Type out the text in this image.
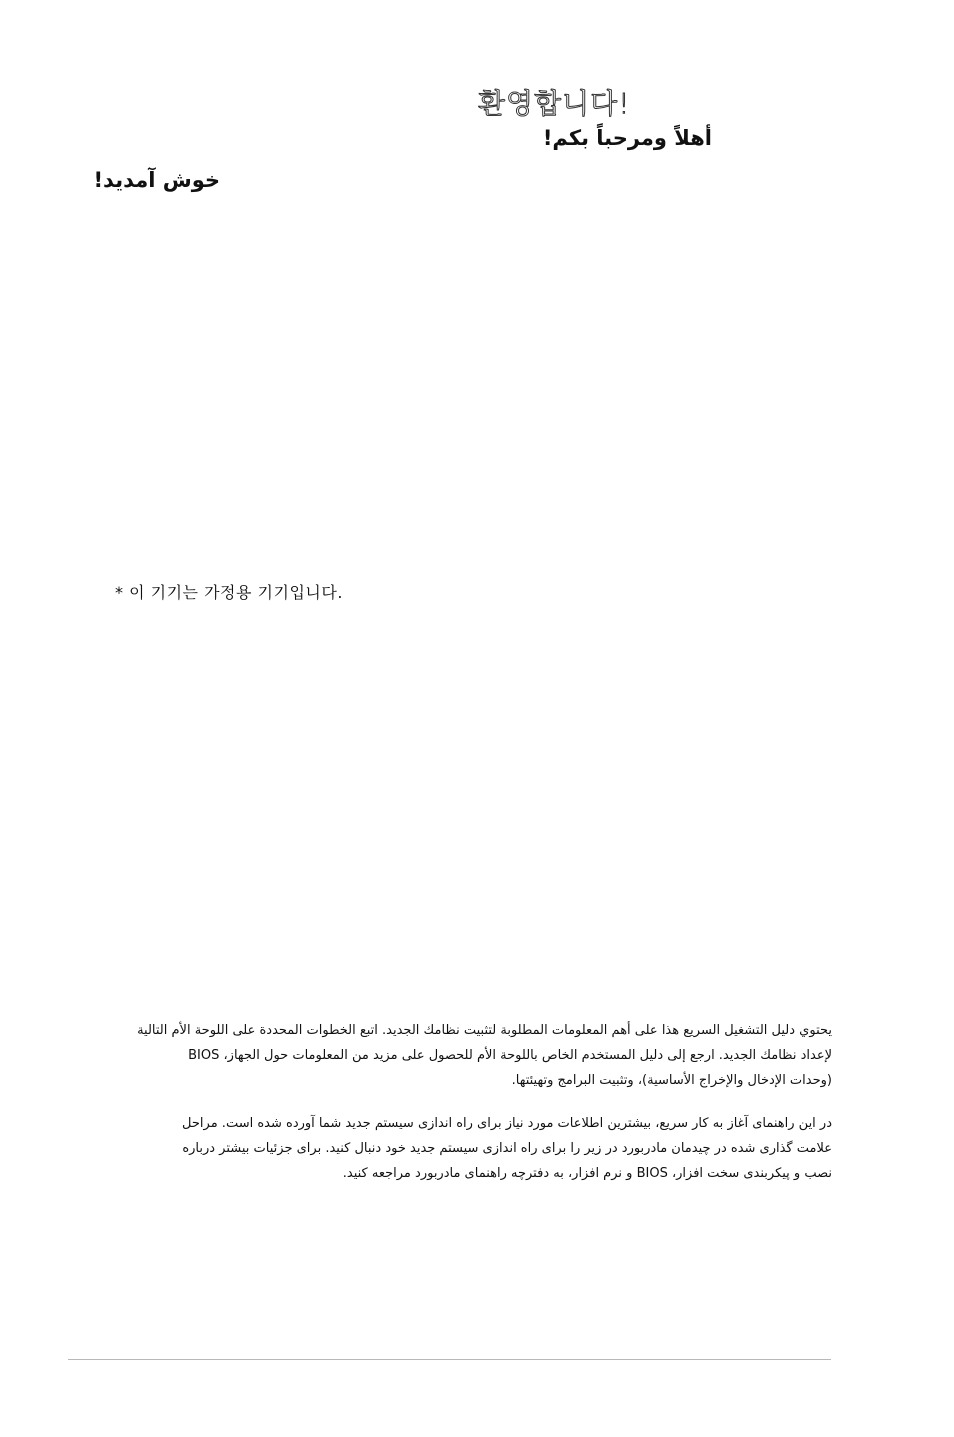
환영합니다!
أهلاً ومرحباً بكم!
خوش آمدید!
* 이 기기는 가정용 기기입니다.

يحتوي دليل التشغيل السريع هذا على أهم المعلومات المطلوبة لتثبيت نظامك الجديد. اتبع الخطوات المحددة على اللوحة الأم التالية

لإعداد نظامك الجديد. ارجع إلى دليل المستخدم الخاص باللوحة الأم للحصول على مزيد من المعلومات حول الجهاز، BIOS

(وحدات الإدخال والإخراج الأساسية)، وتثبيت البرامج وتهيئتها.

در این راهنمای آغاز به کار سریع، بیشترین اطلاعات مورد نیاز برای راه اندازی سیستم جدید شما آورده شده است. مراحل

علامت گذاری شده در چیدمان مادربورد در زیر را برای راه اندازی سیستم جدید خود دنبال کنید. برای جزئیات بیشتر درباره

نصب و پیکربندی سخت افزار، BIOS و نرم افزار، به دفترچه راهنمای مادربورد مراجعه کنید.
